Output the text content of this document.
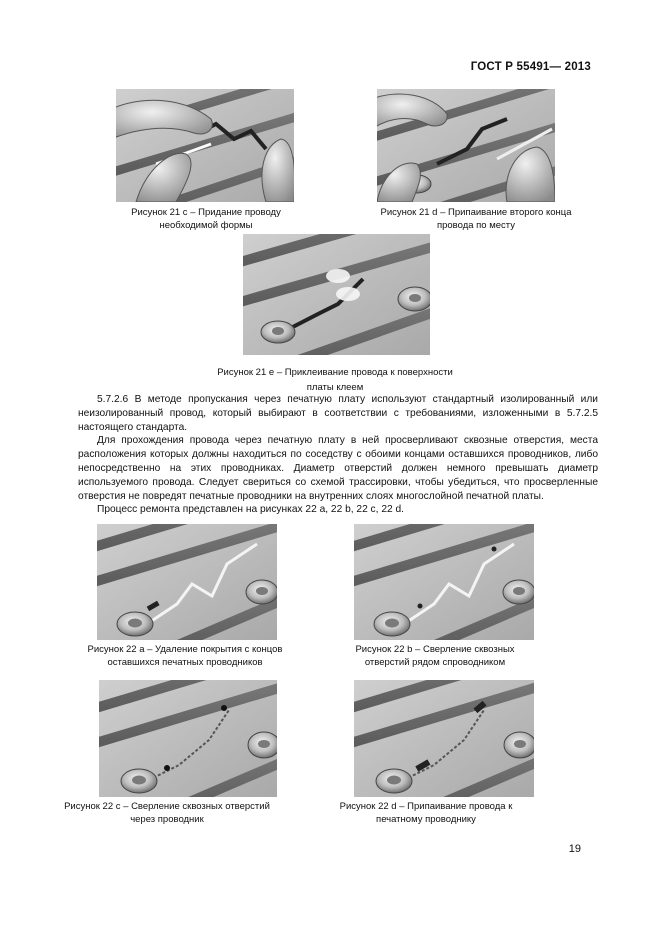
ГОСТ Р 55491— 2013
Рисунок 21 с – Придание проводу
необходимой формы
Рисунок 21 d – Припаивание второго конца
провода по месту
Рисунок 21 е – Приклеивание провода к поверхности
платы клеем

5.7.2.6 В методе пропускания через печатную плату используют стандартный изолированный или неизолированный провод, который выбирают в соответствии с требованиями, изложенными в 5.7.2.5 настоящего стандарта.

Для прохождения провода через печатную плату в ней просверливают сквозные отверстия, места расположения которых должны находиться по соседству с обоими концами оставшихся проводников, либо непосредственно на этих проводниках. Диаметр отверстий должен немного превышать диаметр используемого провода. Следует свериться со схемой трассировки, чтобы убедиться, что просверленные отверстия не повредят печатные проводники на внутренних слоях многослойной печатной платы.

Процесс ремонта представлен на рисунках 22 а, 22 b, 22 c, 22 d.

Рисунок 22 а – Удаление покрытия с концов
оставшихся печатных проводников
Рисунок 22 b – Сверление сквозных
отверстий рядом спроводником
Рисунок 22 с – Сверление сквозных отверстий
через проводник
Рисунок 22 d – Припаивание провода к
печатному проводнику
19
